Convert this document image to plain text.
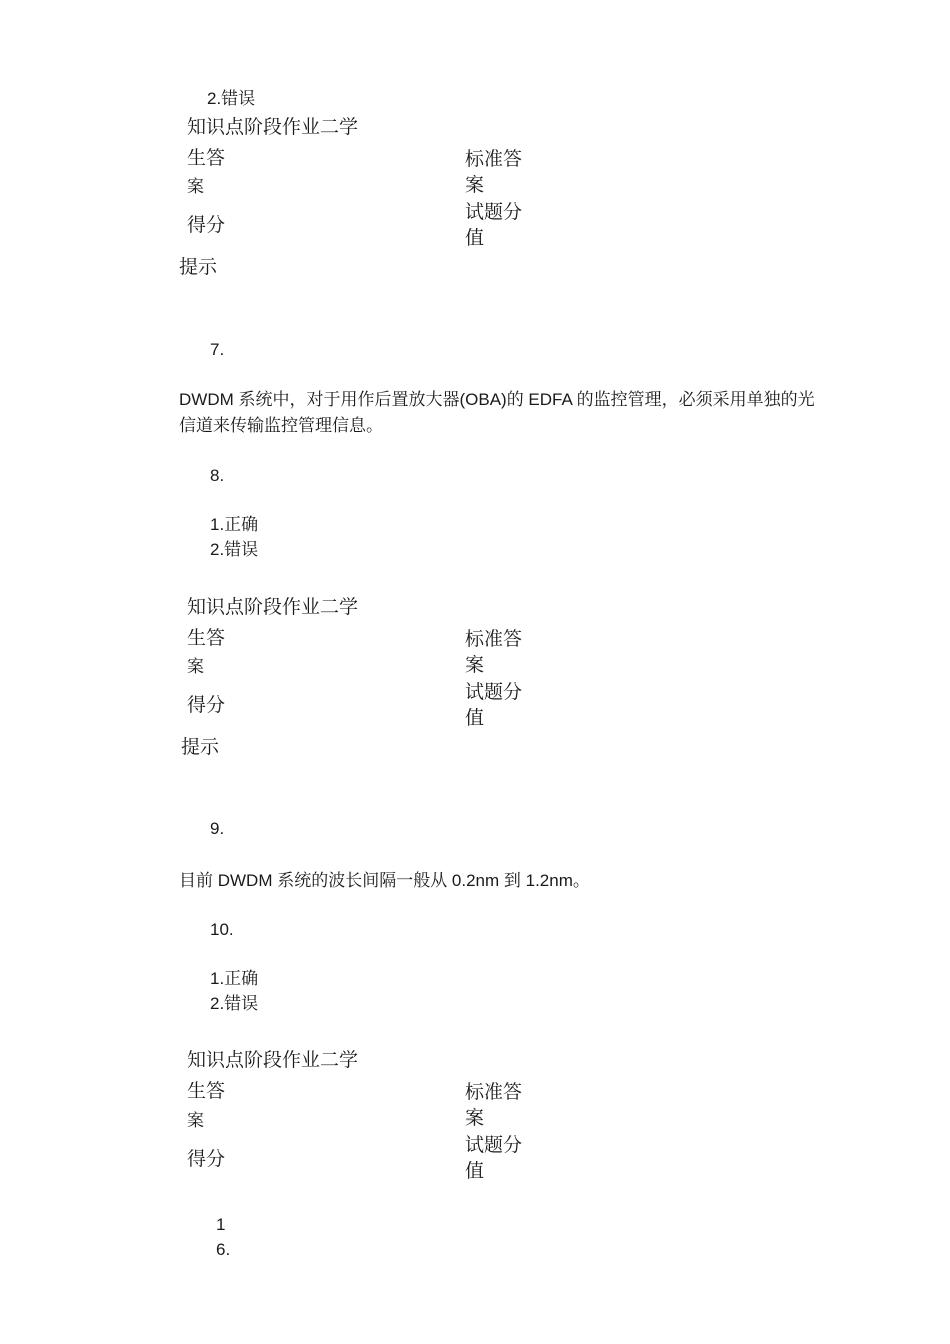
2.错误
知识点阶段作业二学
生答
案
标准答
案
得分
试题分
值
提示
7.
DWDM 系统中，对于用作后置放大器(OBA)的 EDFA 的监控管理，必须采用单独的光信道来传输监控管理信息。
8.
1.正确
2.错误
知识点阶段作业二学
生答
案
标准答
案
得分
试题分
值
提示
9.
目前 DWDM 系统的波长间隔一般从 0.2nm 到 1.2nm。
10.
1.正确
2.错误
知识点阶段作业二学
生答
案
标准答
案
得分
试题分
值
1
6.
